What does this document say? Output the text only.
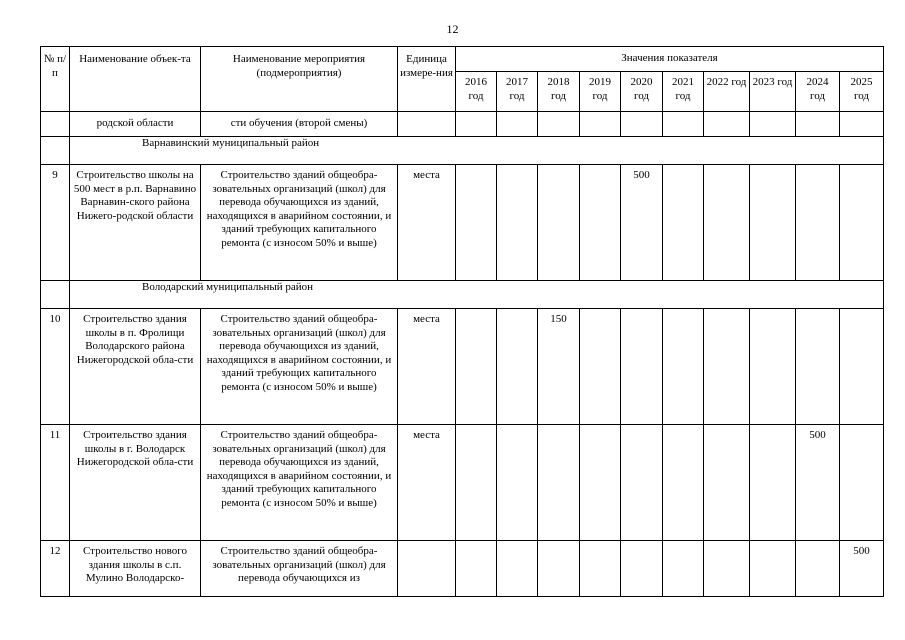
12
№ п/п	Наименование объек-та	Наименование мероприятия (подмероприятия)	Единица измере-ния	Значения показателя									
				2016 год	2017 год	2018 год	2019 год	2020 год	2021 год	2022 год	2023 год	2024 год	2025 год
	родской области	сти обучения (второй смены)											
	Варнавинский муниципальный район												
9	Строительство школы на 500 мест в р.п. Варнавино Варнавин-ского района Нижего-родской области	Строительство зданий общеобра-зовательных организаций (школ) для перевода обучающихся из зданий, находящихся в аварийном состоянии, и зданий требующих капитального ремонта (с износом 50% и выше)	места					500					
	Володарский муниципальный район												
10	Строительство здания школы в п. Фролищи Володарского района Нижегородской обла-сти	Строительство зданий общеобра-зовательных организаций (школ) для перевода обучающихся из зданий, находящихся в аварийном состоянии, и зданий требующих капитального ремонта (с износом 50% и выше)	места			150							
11	Строительство здания школы в г. Володарск Нижегородской обла-сти	Строительство зданий общеобра-зовательных организаций (школ) для перевода обучающихся из зданий, находящихся в аварийном состоянии, и зданий требующих капитального ремонта (с износом 50% и выше)	места									500	
12	Строительство нового здания школы в с.п. Мулино Володарско-	Строительство зданий общеобра-зовательных организаций (школ) для перевода обучающихся из											500
